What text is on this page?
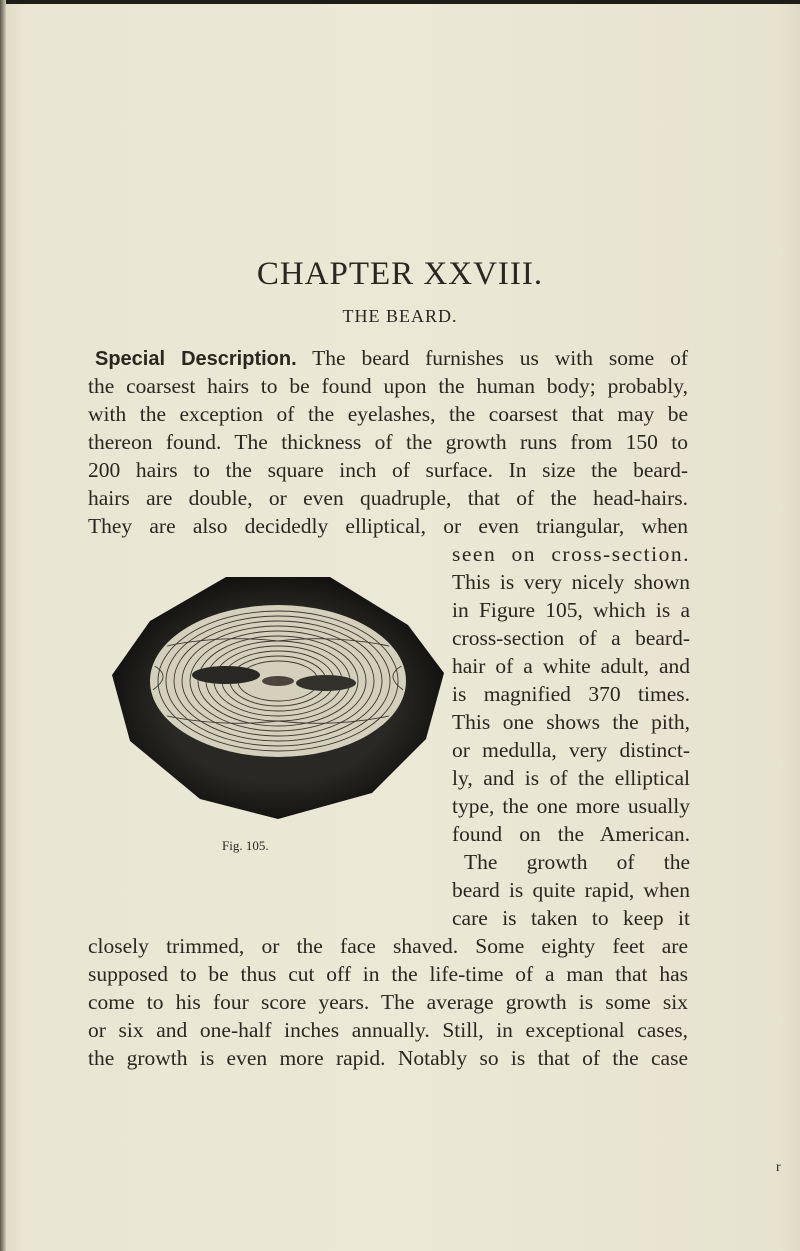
CHAPTER XXVIII.
THE BEARD.
Special Description. The beard furnishes us with some of
the coarsest hairs to be found upon the human body; probably,
with the exception of the eyelashes, the coarsest that may be
thereon found. The thickness of the growth runs from 150 to
200 hairs to the square inch of surface. In size the beard-
hairs are double, or even quadruple, that of the head-hairs.
They are also decidedly elliptical, or even triangular, when
seen on cross-section.
This is very nicely shown
in Figure 105, which is a
cross-section of a beard-
hair of a white adult, and
is magnified 370 times.
This one shows the pith,
or medulla, very distinct-
ly, and is of the elliptical
type, the one more usually
found on the American.
The growth of the
beard is quite rapid, when
care is taken to keep it
closely trimmed, or the face shaved. Some eighty feet are
supposed to be thus cut off in the life-time of a man that has
come to his four score years. The average growth is some six
or six and one-half inches annually. Still, in exceptional cases,
the growth is even more rapid. Notably so is that of the case
Fig. 105.
r
